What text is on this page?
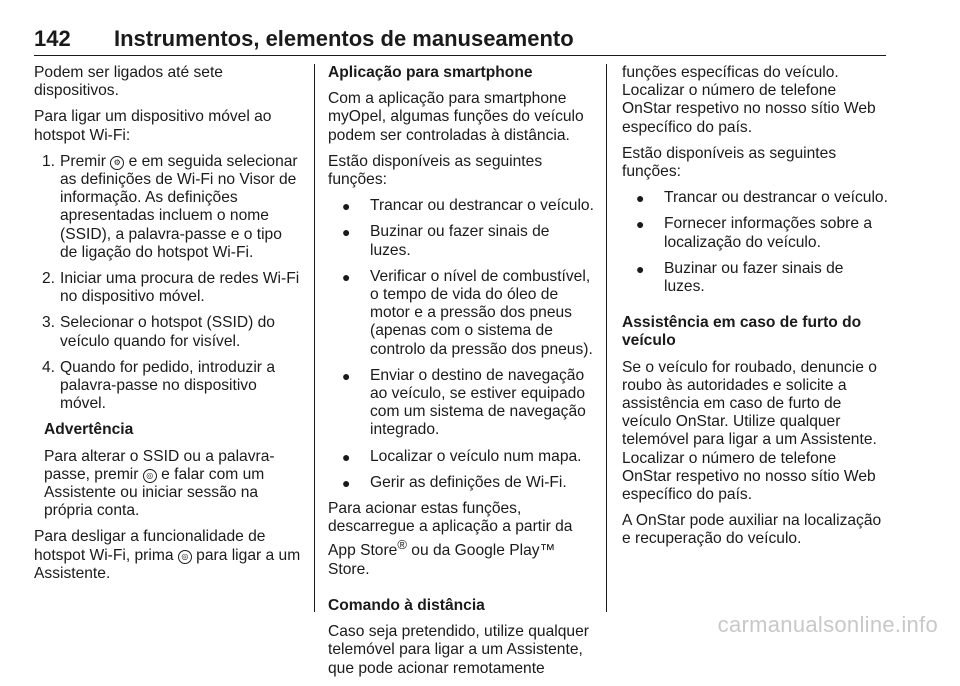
142 Instrumentos, elementos de manuseamento

Podem ser ligados até sete dispositivos.

Para ligar um dispositivo móvel ao hotspot Wi-Fi:

1. Premir ⚙ e em seguida selecionar as definições de Wi-Fi no Visor de informação. As definições apresentadas incluem o nome (SSID), a palavra-passe e o tipo de ligação do hotspot Wi-Fi.
2. Iniciar uma procura de redes Wi-Fi no dispositivo móvel.
3. Selecionar o hotspot (SSID) do veículo quando for visível.
4. Quando for pedido, introduzir a palavra-passe no dispositivo móvel.

Advertência

Para alterar o SSID ou a palavra-passe, premir ◎ e falar com um Assistente ou iniciar sessão na própria conta.

Para desligar a funcionalidade de hotspot Wi-Fi, prima ◎ para ligar a um Assistente.

Aplicação para smartphone

Com a aplicação para smartphone myOpel, algumas funções do veículo podem ser controladas à distância.

Estão disponíveis as seguintes funções:

● Trancar ou destrancar o veículo.
● Buzinar ou fazer sinais de luzes.
● Verificar o nível de combustível, o tempo de vida do óleo de motor e a pressão dos pneus (apenas com o sistema de controlo da pressão dos pneus).
● Enviar o destino de navegação ao veículo, se estiver equipado com um sistema de navegação integrado.
● Localizar o veículo num mapa.
● Gerir as definições de Wi-Fi.

Para acionar estas funções, descarregue a aplicação a partir da App Store® ou da Google Play™ Store.

Comando à distância

Caso seja pretendido, utilize qualquer telemóvel para ligar a um Assistente, que pode acionar remotamente

funções específicas do veículo. Localizar o número de telefone OnStar respetivo no nosso sítio Web específico do país.

Estão disponíveis as seguintes funções:

● Trancar ou destrancar o veículo.
● Fornecer informações sobre a localização do veículo.
● Buzinar ou fazer sinais de luzes.

Assistência em caso de furto do veículo

Se o veículo for roubado, denuncie o roubo às autoridades e solicite a assistência em caso de furto de veículo OnStar. Utilize qualquer telemóvel para ligar a um Assistente. Localizar o número de telefone OnStar respetivo no nosso sítio Web específico do país.

A OnStar pode auxiliar na localização e recuperação do veículo.

carmanualsonline.info
